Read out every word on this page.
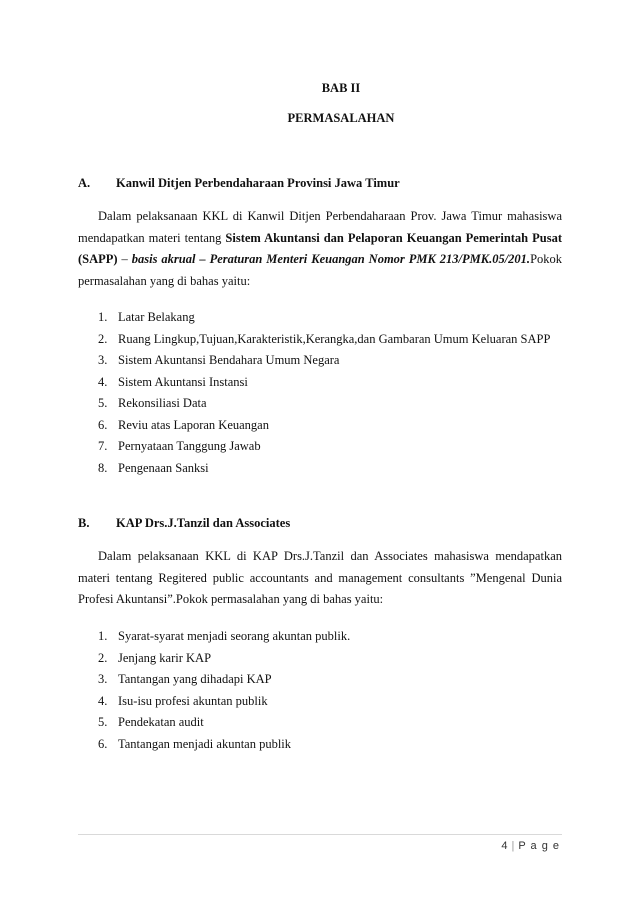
BAB II
PERMASALAHAN
A. Kanwil Ditjen Perbendaharaan Provinsi Jawa Timur
Dalam pelaksanaan KKL di Kanwil Ditjen Perbendaharaan Prov. Jawa Timur mahasiswa mendapatkan materi tentang Sistem Akuntansi dan Pelaporan Keuangan Pemerintah Pusat (SAPP) – basis akrual – Peraturan Menteri Keuangan Nomor PMK 213/PMK.05/201.Pokok permasalahan yang di bahas yaitu:
1. Latar Belakang
2. Ruang Lingkup,Tujuan,Karakteristik,Kerangka,dan Gambaran Umum Keluaran SAPP
3. Sistem Akuntansi Bendahara Umum Negara
4. Sistem Akuntansi Instansi
5. Rekonsiliasi Data
6. Reviu atas Laporan Keuangan
7. Pernyataan Tanggung Jawab
8. Pengenaan Sanksi
B. KAP Drs.J.Tanzil dan Associates
Dalam pelaksanaan KKL di KAP Drs.J.Tanzil dan Associates mahasiswa mendapatkan materi tentang Regitered public accountants and management consultants ”Mengenal Dunia Profesi Akuntansi”.Pokok permasalahan yang di bahas yaitu:
1. Syarat-syarat menjadi seorang akuntan publik.
2. Jenjang karir KAP
3. Tantangan yang dihadapi KAP
4. Isu-isu profesi akuntan publik
5. Pendekatan audit
6. Tantangan menjadi akuntan publik
4 | P a g e
